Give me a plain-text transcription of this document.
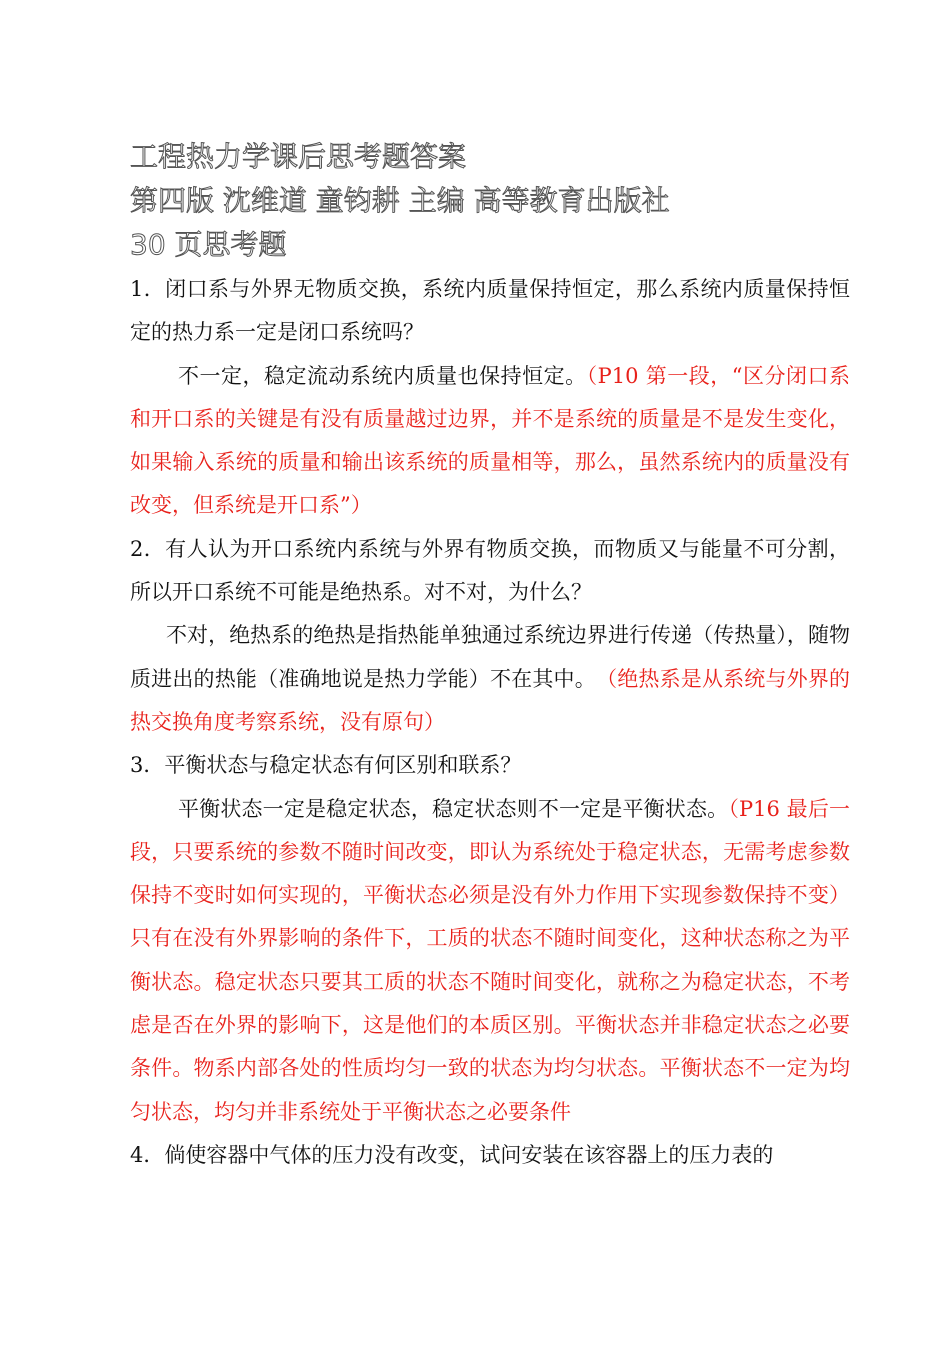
工程热力学课后思考题答案
第四版 沈维道 童钧耕 主编 高等教育出版社
30 页思考题

1．闭口系与外界无物质交换，系统内质量保持恒定，那么系统内质量保持恒定的热力系一定是闭口系统吗？

不一定，稳定流动系统内质量也保持恒定。（P10 第一段，“区分闭口系和开口系的关键是有没有质量越过边界，并不是系统的质量是不是发生变化，如果输入系统的质量和输出该系统的质量相等，那么，虽然系统内的质量没有改变，但系统是开口系”）

2．有人认为开口系统内系统与外界有物质交换，而物质又与能量不可分割，所以开口系统不可能是绝热系。对不对，为什么？

不对，绝热系的绝热是指热能单独通过系统边界进行传递（传热量），随物质进出的热能（准确地说是热力学能）不在其中。　（绝热系是从系统与外界的热交换角度考察系统，没有原句）

3．平衡状态与稳定状态有何区别和联系？

平衡状态一定是稳定状态，稳定状态则不一定是平衡状态。（P16 最后一段，只要系统的参数不随时间改变，即认为系统处于稳定状态，无需考虑参数保持不变时如何实现的，平衡状态必须是没有外力作用下实现参数保持不变）只有在没有外界影响的条件下，工质的状态不随时间变化，这种状态称之为平衡状态。稳定状态只要其工质的状态不随时间变化，就称之为稳定状态，不考虑是否在外界的影响下，这是他们的本质区别。平衡状态并非稳定状态之必要条件。物系内部各处的性质均匀一致的状态为均匀状态。平衡状态不一定为均匀状态，均匀并非系统处于平衡状态之必要条件

4．倘使容器中气体的压力没有改变，试问安装在该容器上的压力表的
